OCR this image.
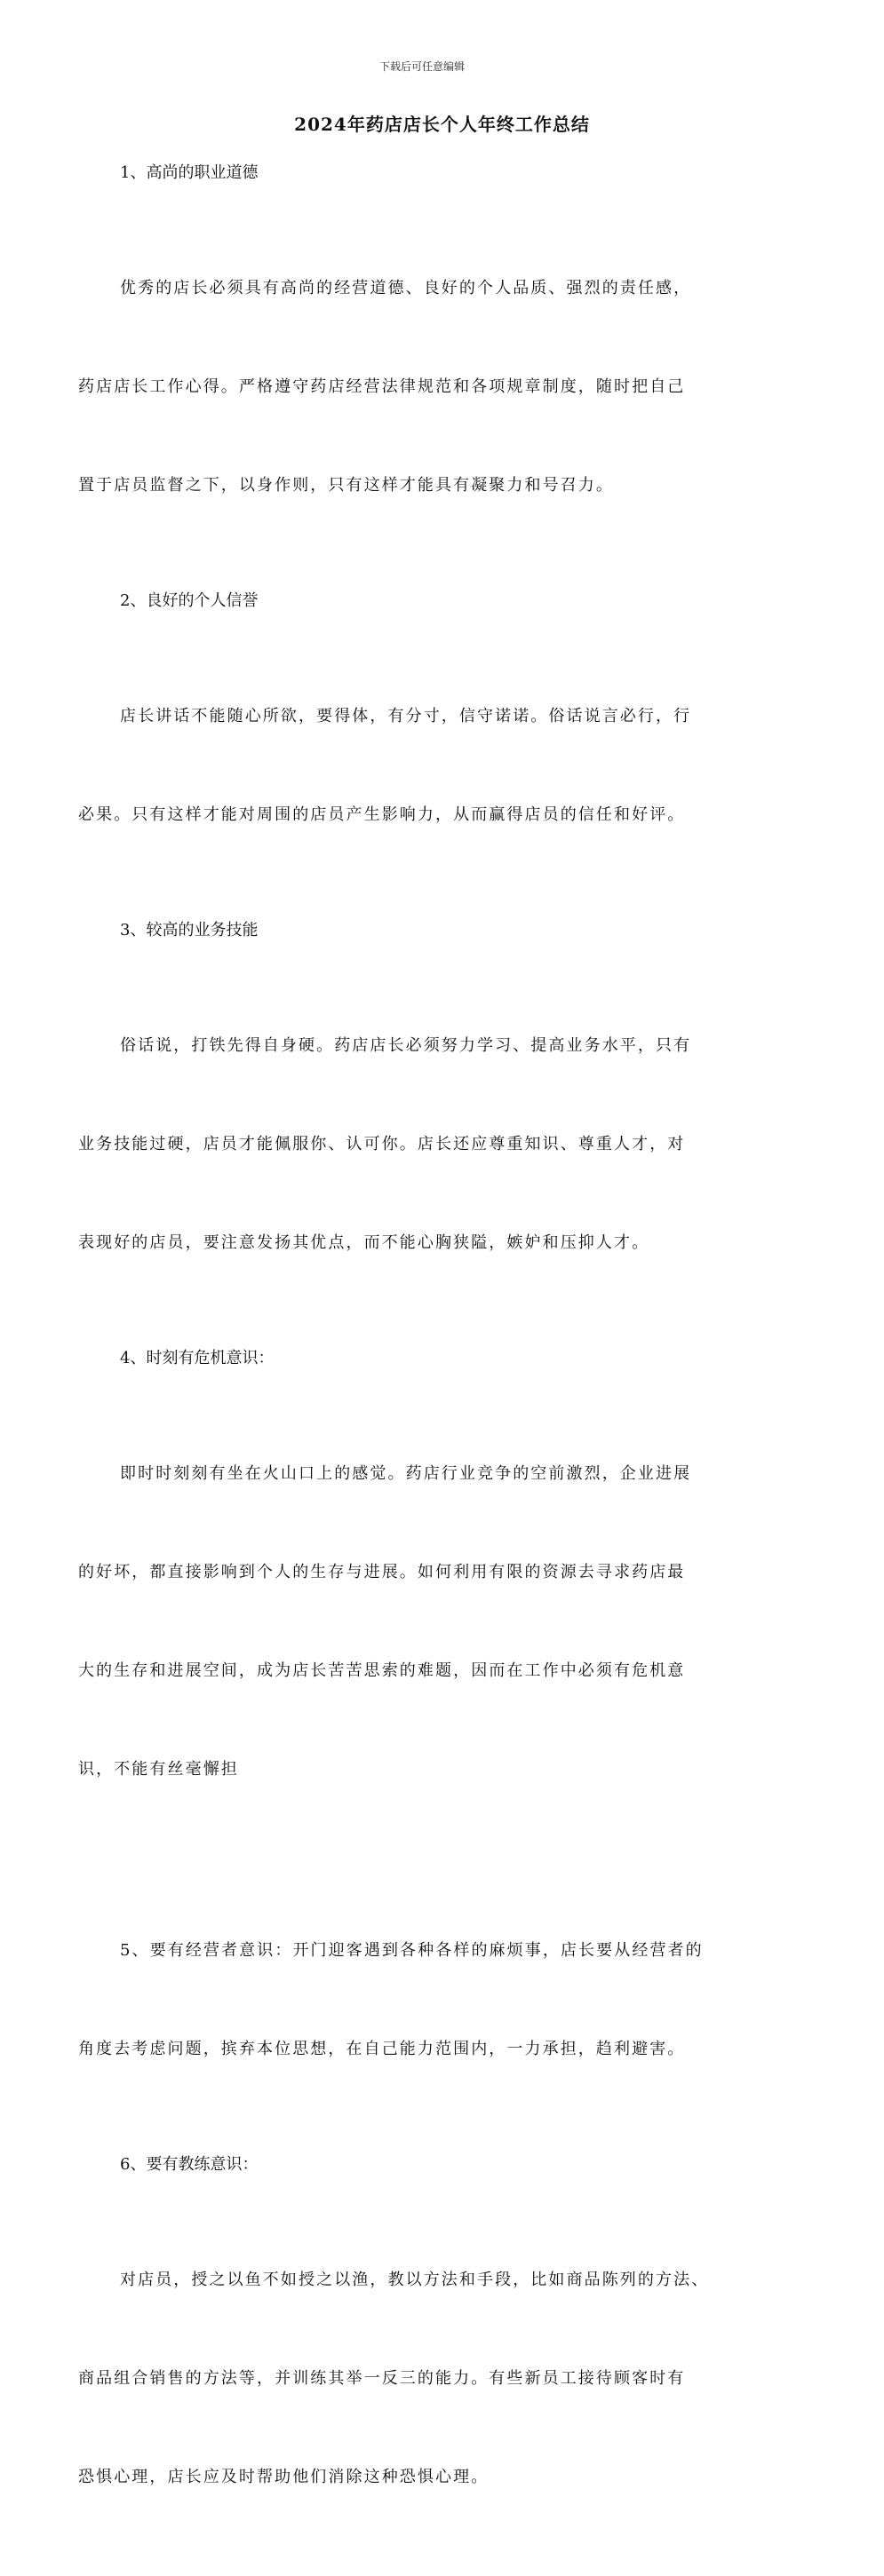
下载后可任意编辑
2024年药店店长个人年终工作总结
1、高尚的职业道德

优秀的店长必须具有高尚的经营道德、良好的个人品质、强烈的责任感，

药店店长工作心得。严格遵守药店经营法律规范和各项规章制度，随时把自己

置于店员监督之下，以身作则，只有这样才能具有凝聚力和号召力。

2、良好的个人信誉

店长讲话不能随心所欲，要得体，有分寸，信守诺诺。俗话说言必行，行

必果。只有这样才能对周围的店员产生影响力，从而赢得店员的信任和好评。

3、较高的业务技能

俗话说，打铁先得自身硬。药店店长必须努力学习、提高业务水平，只有

业务技能过硬，店员才能佩服你、认可你。店长还应尊重知识、尊重人才，对

表现好的店员，要注意发扬其优点，而不能心胸狭隘，嫉妒和压抑人才。

4、时刻有危机意识：

即时时刻刻有坐在火山口上的感觉。药店行业竞争的空前激烈，企业进展

的好坏，都直接影响到个人的生存与进展。如何利用有限的资源去寻求药店最

大的生存和进展空间，成为店长苦苦思索的难题，因而在工作中必须有危机意

识，不能有丝毫懈担

5、要有经营者意识：开门迎客遇到各种各样的麻烦事，店长要从经营者的

角度去考虑问题，摈弃本位思想，在自己能力范围内，一力承担，趋利避害。

6、要有教练意识：

对店员，授之以鱼不如授之以渔，教以方法和手段，比如商品陈列的方法、

商品组合销售的方法等，并训练其举一反三的能力。有些新员工接待顾客时有

恐惧心理，店长应及时帮助他们消除这种恐惧心理。
